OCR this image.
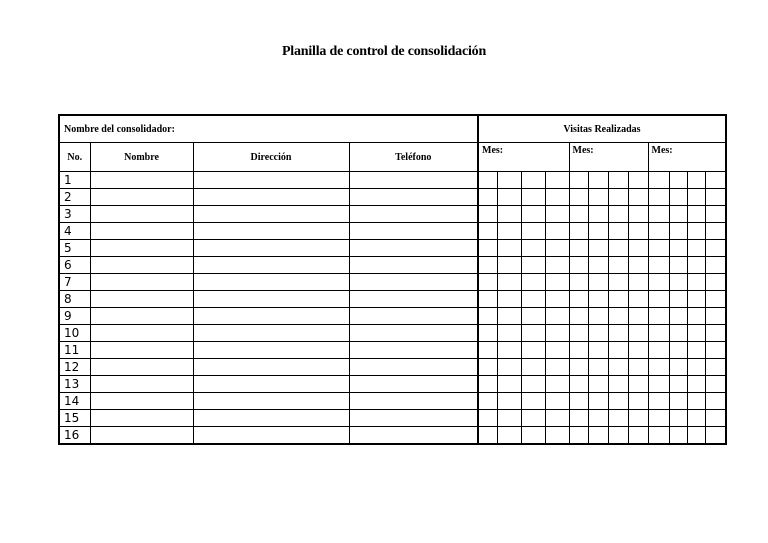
Planilla de control de consolidación
Nombre del consolidador:				Visitas Realizadas											
No.	Nombre	Dirección	Teléfono	Mes:				Mes:				Mes:			
1															
2															
3															
4															
5															
6															
7															
8															
9															
10															
11															
12															
13															
14															
15															
16															
